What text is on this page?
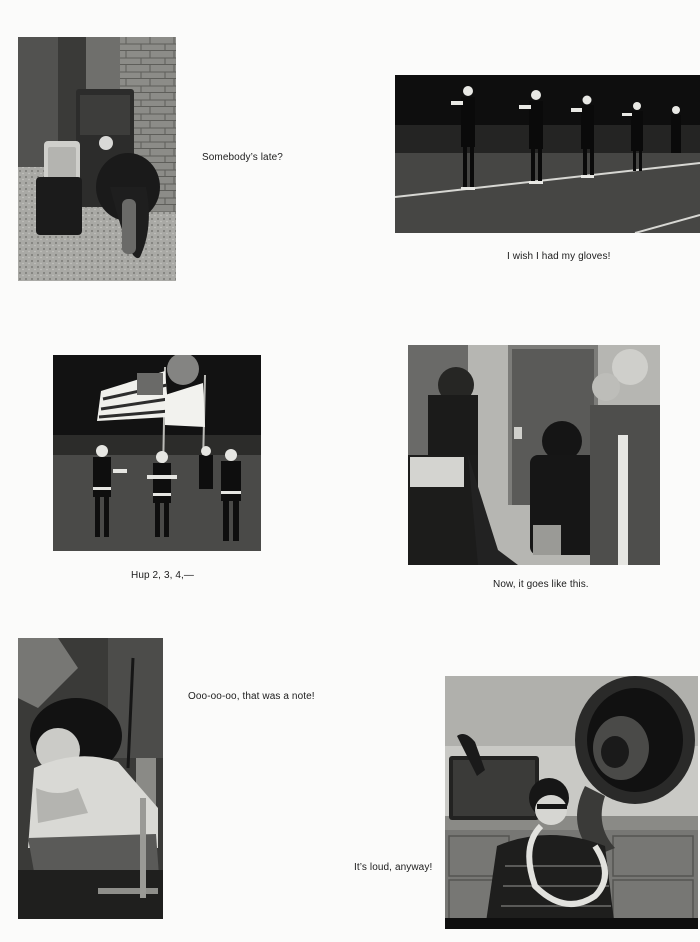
Somebody’s late?
I wish I had my gloves!
Hup 2, 3, 4,—
Now, it goes like this.
Ooo-oo-oo, that was a note!
It’s loud, anyway!
